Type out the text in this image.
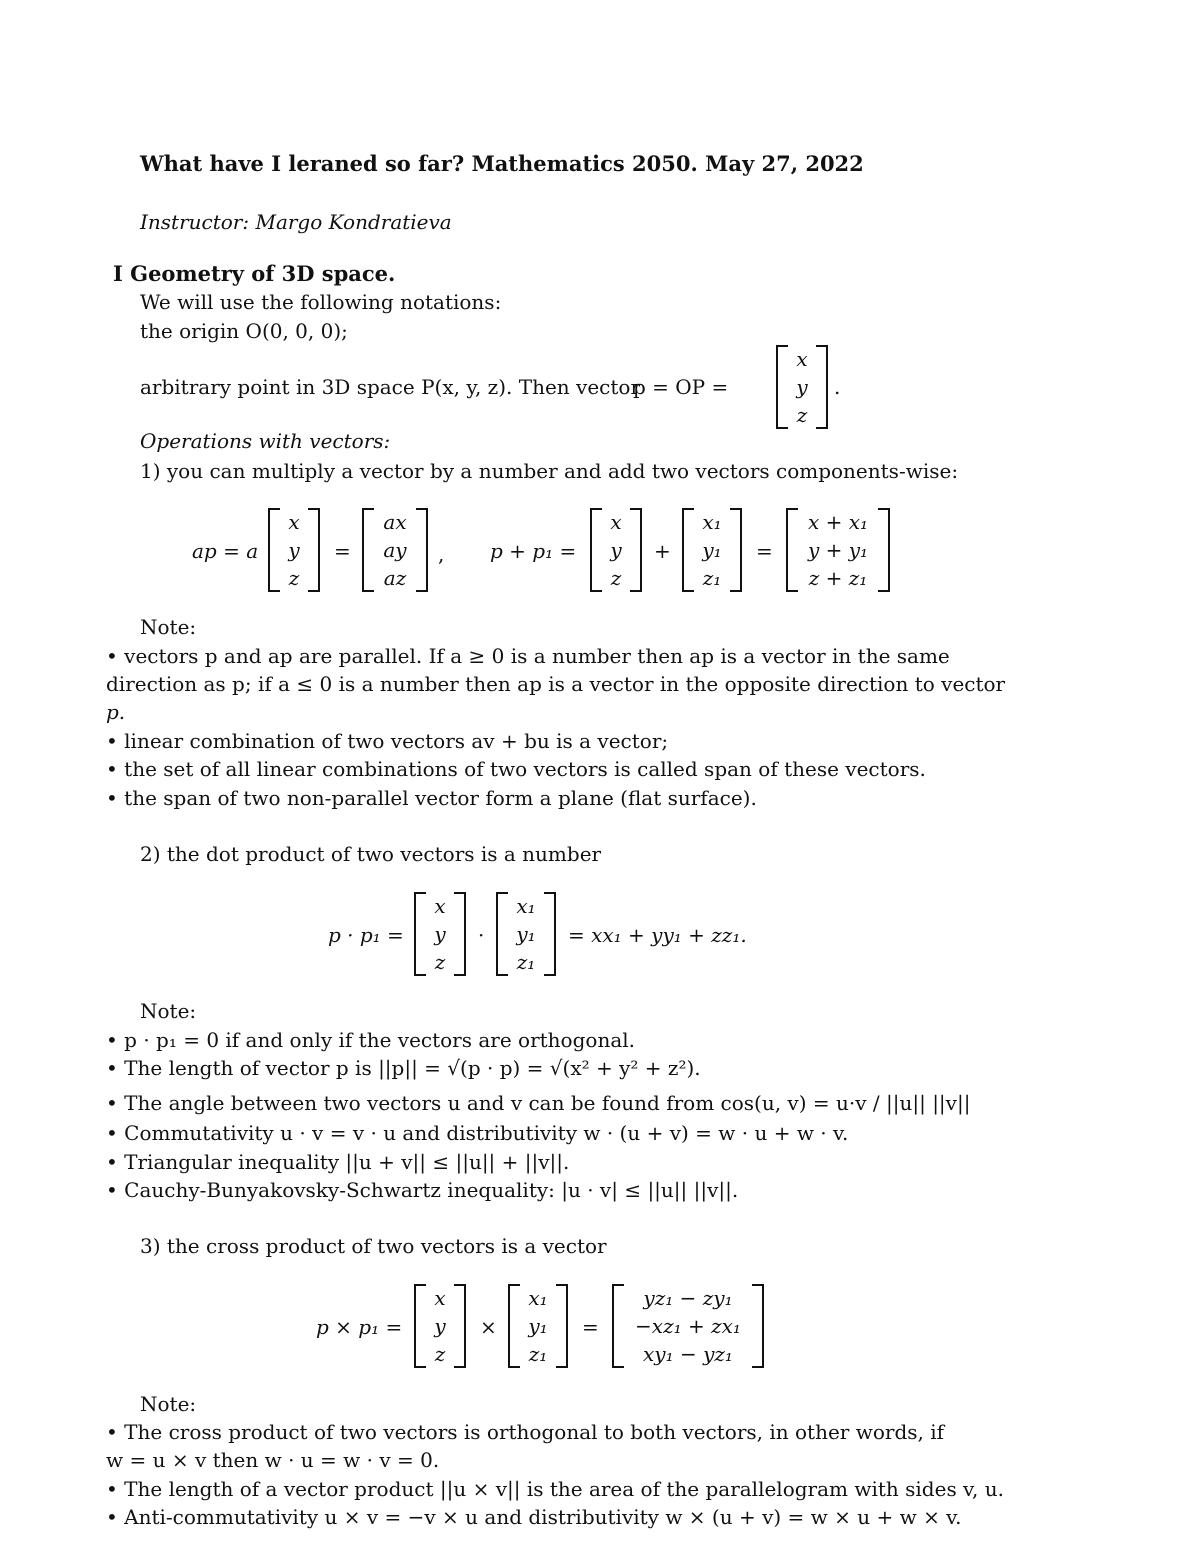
What have I leraned so far? Mathematics 2050. May 27, 2022
Instructor: Margo Kondratieva
I Geometry of 3D space.
We will use the following notations:
the origin O(0, 0, 0);
arbitrary point in 3D space P(x, y, z). Then vector
p = OP =
x
y
z
.
Operations with vectors:
1) you can multiply a vector by a number and add two vectors components-wise:
ap = a
x
y
z
=
ax
ay
az
, p + p₁ =
x
y
z
+
x₁
y₁
z₁
=
x + x₁
y + y₁
z + z₁
Note:
• vectors p and ap are parallel. If a ≥ 0 is a number then ap is a vector in the same
direction as p; if a ≤ 0 is a number then ap is a vector in the opposite direction to vector
p.
• linear combination of two vectors av + bu is a vector;
• the set of all linear combinations of two vectors is called span of these vectors.
• the span of two non-parallel vector form a plane (flat surface).
2) the dot product of two vectors is a number
p · p₁ =
x
y
z
·
x₁
y₁
z₁
= xx₁ + yy₁ + zz₁.
Note:
• p · p₁ = 0 if and only if the vectors are orthogonal.
• The length of vector p is ||p|| = √(p · p) = √(x² + y² + z²).
• The angle between two vectors u and v can be found from cos(u, v) = u·v / ||u|| ||v||
• Commutativity u · v = v · u and distributivity w · (u + v) = w · u + w · v.
• Triangular inequality ||u + v|| ≤ ||u|| + ||v||.
• Cauchy-Bunyakovsky-Schwartz inequality: |u · v| ≤ ||u|| ||v||.
3) the cross product of two vectors is a vector
p × p₁ =
x
y
z
×
x₁
y₁
z₁
=
yz₁ − zy₁
−xz₁ + zx₁
xy₁ − yz₁
Note:
• The cross product of two vectors is orthogonal to both vectors, in other words, if
w = u × v then w · u = w · v = 0.
• The length of a vector product ||u × v|| is the area of the parallelogram with sides v, u.
• Anti-commutativity u × v = −v × u and distributivity w × (u + v) = w × u + w × v.
